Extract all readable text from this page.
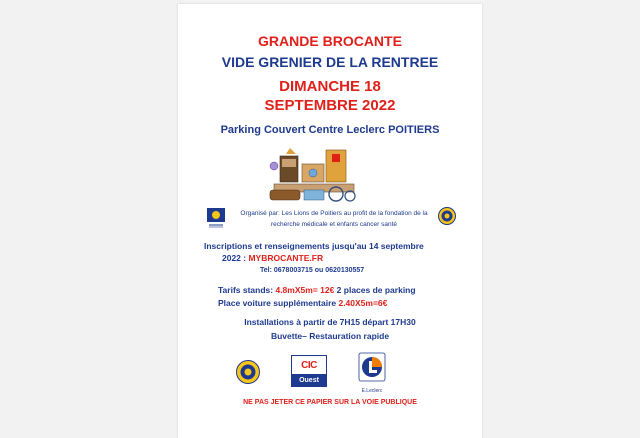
GRANDE BROCANTE
VIDE GRENIER DE LA RENTREE
DIMANCHE 18
SEPTEMBRE 2022
Parking Couvert Centre Leclerc POITIERS
Organisé par: Les Lions de Poitiers au profit de la fondation de la
recherche médicale et enfants cancer santé
Inscriptions et renseignements jusqu'au 14 septembre
2022 : MYBROCANTE.FR
Tel: 0678003715 ou 0620130557
Tarifs stands: 4.8mX5m= 12€ 2 places de parking
Place voiture supplémentaire 2.40X5m=6€
Installations à partir de 7H15 départ 17H30
Buvette– Restauration rapide
CIC
Ouest
E.Leclerc
NE PAS JETER CE PAPIER SUR LA VOIE PUBLIQUE
